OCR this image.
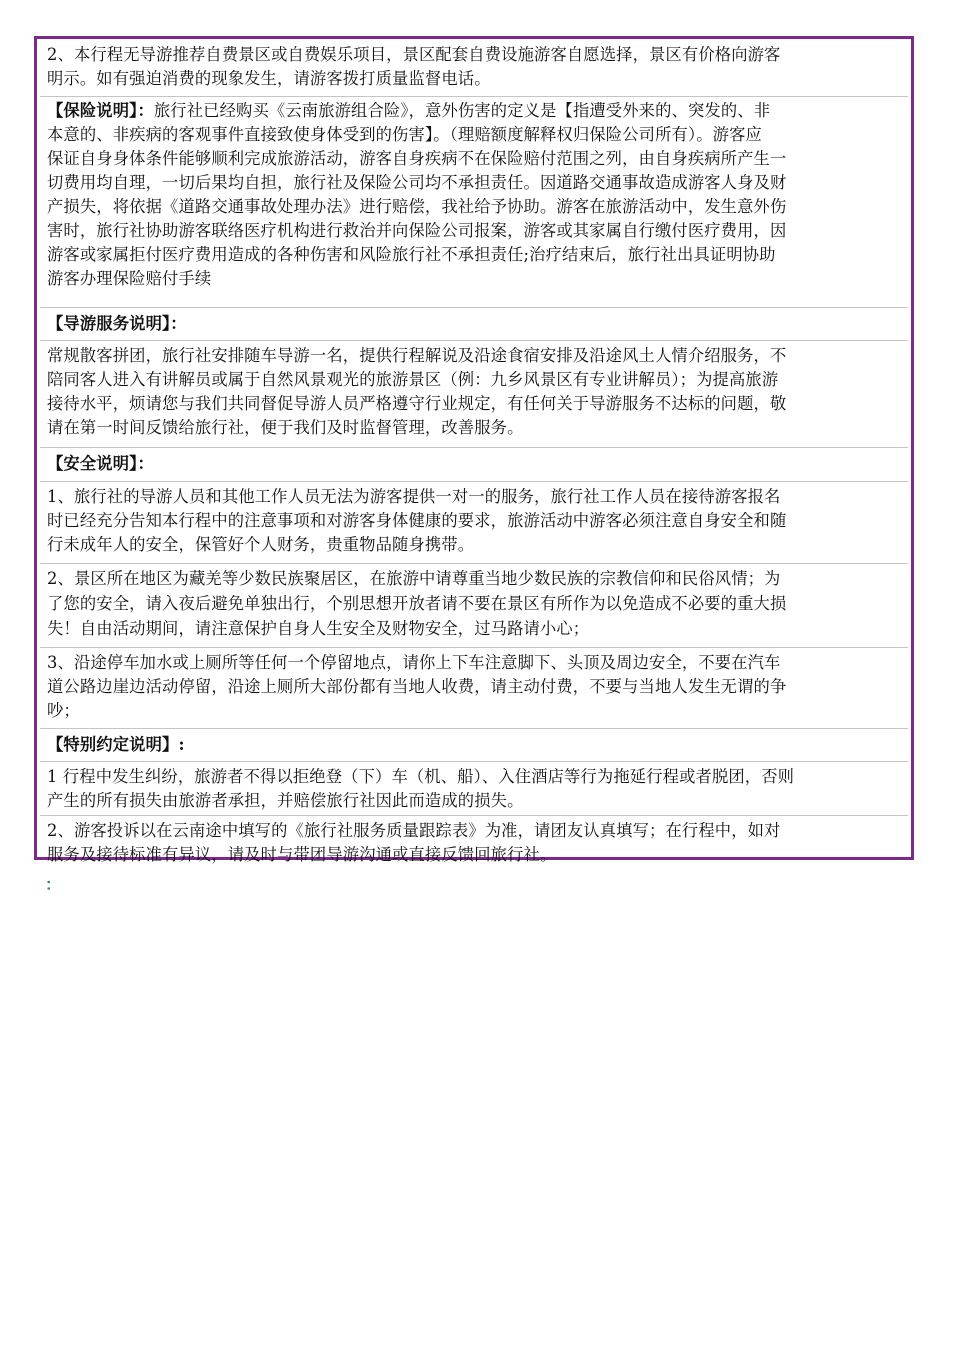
2、本行程无导游推荐自费景区或自费娱乐项目，景区配套自费设施游客自愿选择，景区有价格向游客
明示。如有强迫消费的现象发生，请游客拨打质量监督电话。
【保险说明】：旅行社已经购买《云南旅游组合险》，意外伤害的定义是【指遭受外来的、突发的、非
本意的、非疾病的客观事件直接致使身体受到的伤害】。（理赔额度解释权归保险公司所有）。游客应
保证自身身体条件能够顺利完成旅游活动，游客自身疾病不在保险赔付范围之列，由自身疾病所产生一
切费用均自理，一切后果均自担，旅行社及保险公司均不承担责任。因道路交通事故造成游客人身及财
产损失，将依据《道路交通事故处理办法》进行赔偿，我社给予协助。游客在旅游活动中，发生意外伤
害时，旅行社协助游客联络医疗机构进行救治并向保险公司报案，游客或其家属自行缴付医疗费用，因
游客或家属拒付医疗费用造成的各种伤害和风险旅行社不承担责任;治疗结束后，旅行社出具证明协助
游客办理保险赔付手续
【导游服务说明】：
常规散客拼团，旅行社安排随车导游一名，提供行程解说及沿途食宿安排及沿途风土人情介绍服务，不
陪同客人进入有讲解员或属于自然风景观光的旅游景区（例：九乡风景区有专业讲解员）；为提高旅游
接待水平，烦请您与我们共同督促导游人员严格遵守行业规定，有任何关于导游服务不达标的问题，敬
请在第一时间反馈给旅行社，便于我们及时监督管理，改善服务。
【安全说明】：
1、旅行社的导游人员和其他工作人员无法为游客提供一对一的服务，旅行社工作人员在接待游客报名
时已经充分告知本行程中的注意事项和对游客身体健康的要求，旅游活动中游客必须注意自身安全和随
行未成年人的安全，保管好个人财务，贵重物品随身携带。
2、景区所在地区为藏羌等少数民族聚居区，在旅游中请尊重当地少数民族的宗教信仰和民俗风情；为
了您的安全，请入夜后避免单独出行，个别思想开放者请不要在景区有所作为以免造成不必要的重大损
失！自由活动期间，请注意保护自身人生安全及财物安全，过马路请小心；
3、沿途停车加水或上厕所等任何一个停留地点，请你上下车注意脚下、头顶及周边安全，不要在汽车
道公路边崖边活动停留，沿途上厕所大部份都有当地人收费，请主动付费，不要与当地人发生无谓的争
吵；
【特别约定说明】:
1 行程中发生纠纷，旅游者不得以拒绝登（下）车（机、船）、入住酒店等行为拖延行程或者脱团，否则
产生的所有损失由旅游者承担，并赔偿旅行社因此而造成的损失。
2、游客投诉以在云南途中填写的《旅行社服务质量跟踪表》为准，请团友认真填写；在行程中，如对
服务及接待标准有异议，请及时与带团导游沟通或直接反馈回旅行社。
：
